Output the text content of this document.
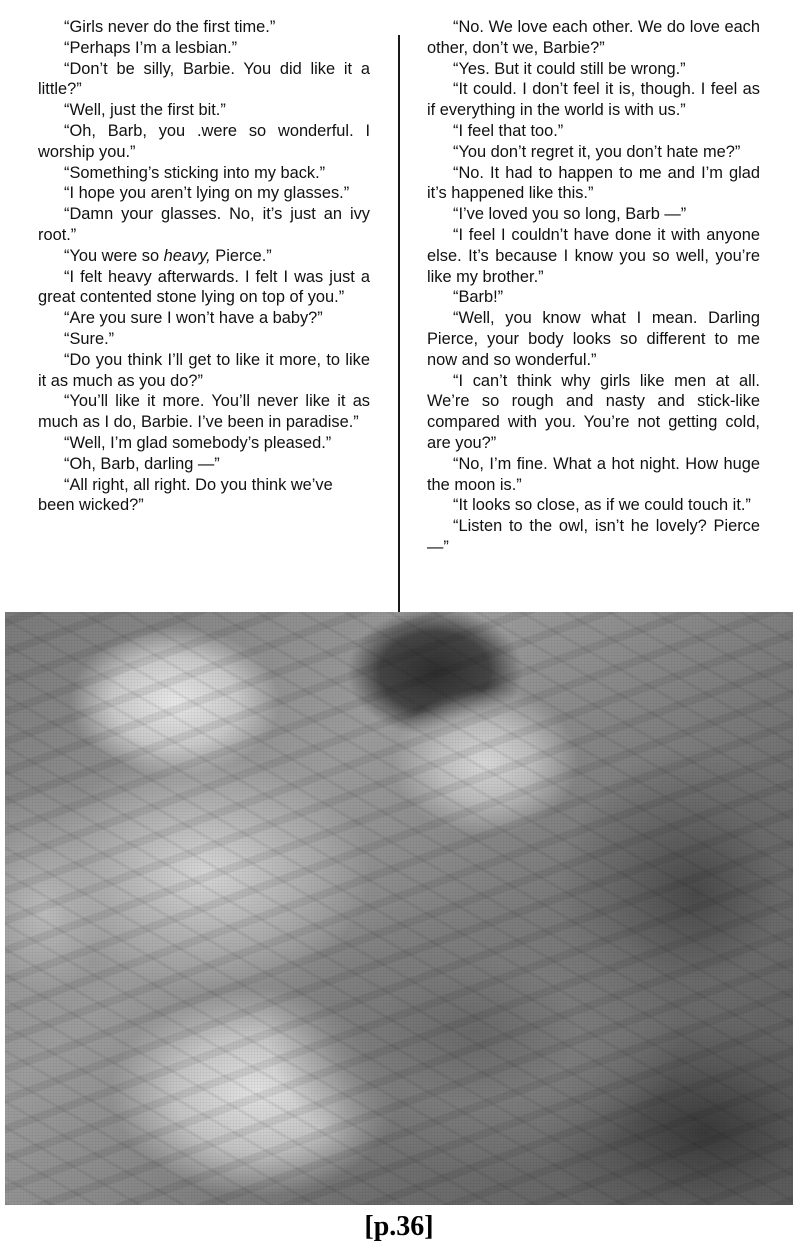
“Girls never do the first time.”

“Perhaps I’m a lesbian.”

“Don’t be silly, Barbie. You did like it a little?”

“Well, just the first bit.”

“Oh, Barb, you .were so wonderful. I worship you.”

“Something’s sticking into my back.”

“I hope you aren’t lying on my glasses.”

“Damn your glasses. No, it’s just an ivy root.”

“You were so heavy, Pierce.”

“I felt heavy afterwards. I felt I was just a great contented stone lying on top of you.”

“Are you sure I won’t have a baby?”

“Sure.”

“Do you think I’ll get to like it more, to like it as much as you do?”

“You’ll like it more. You’ll never like it as much as I do, Barbie. I’ve been in paradise.”

“Well, I’m glad somebody’s pleased.”

“Oh, Barb, darling —”

“All right, all right. Do you think we’ve been wicked?”

“No. We love each other. We do love each other, don’t we, Barbie?”

“Yes. But it could still be wrong.”

“It could. I don’t feel it is, though. I feel as if everything in the world is with us.”

“I feel that too.”

“You don’t regret it, you don’t hate me?”

“No. It had to happen to me and I’m glad it’s happened like this.”

“I’ve loved you so long, Barb —”

“I feel I couldn’t have done it with anyone else. It’s because I know you so well, you’re like my brother.”

“Barb!”

“Well, you know what I mean. Darling Pierce, your body looks so different to me now and so wonderful.”

“I can’t think why girls like men at all. We’re so rough and nasty and stick-like compared with you. You’re not getting cold, are you?”

“No, I’m fine. What a hot night. How huge the moon is.”

“It looks so close, as if we could touch it.”

“Listen to the owl, isn’t he lovely? Pierce —”

[p.36]
